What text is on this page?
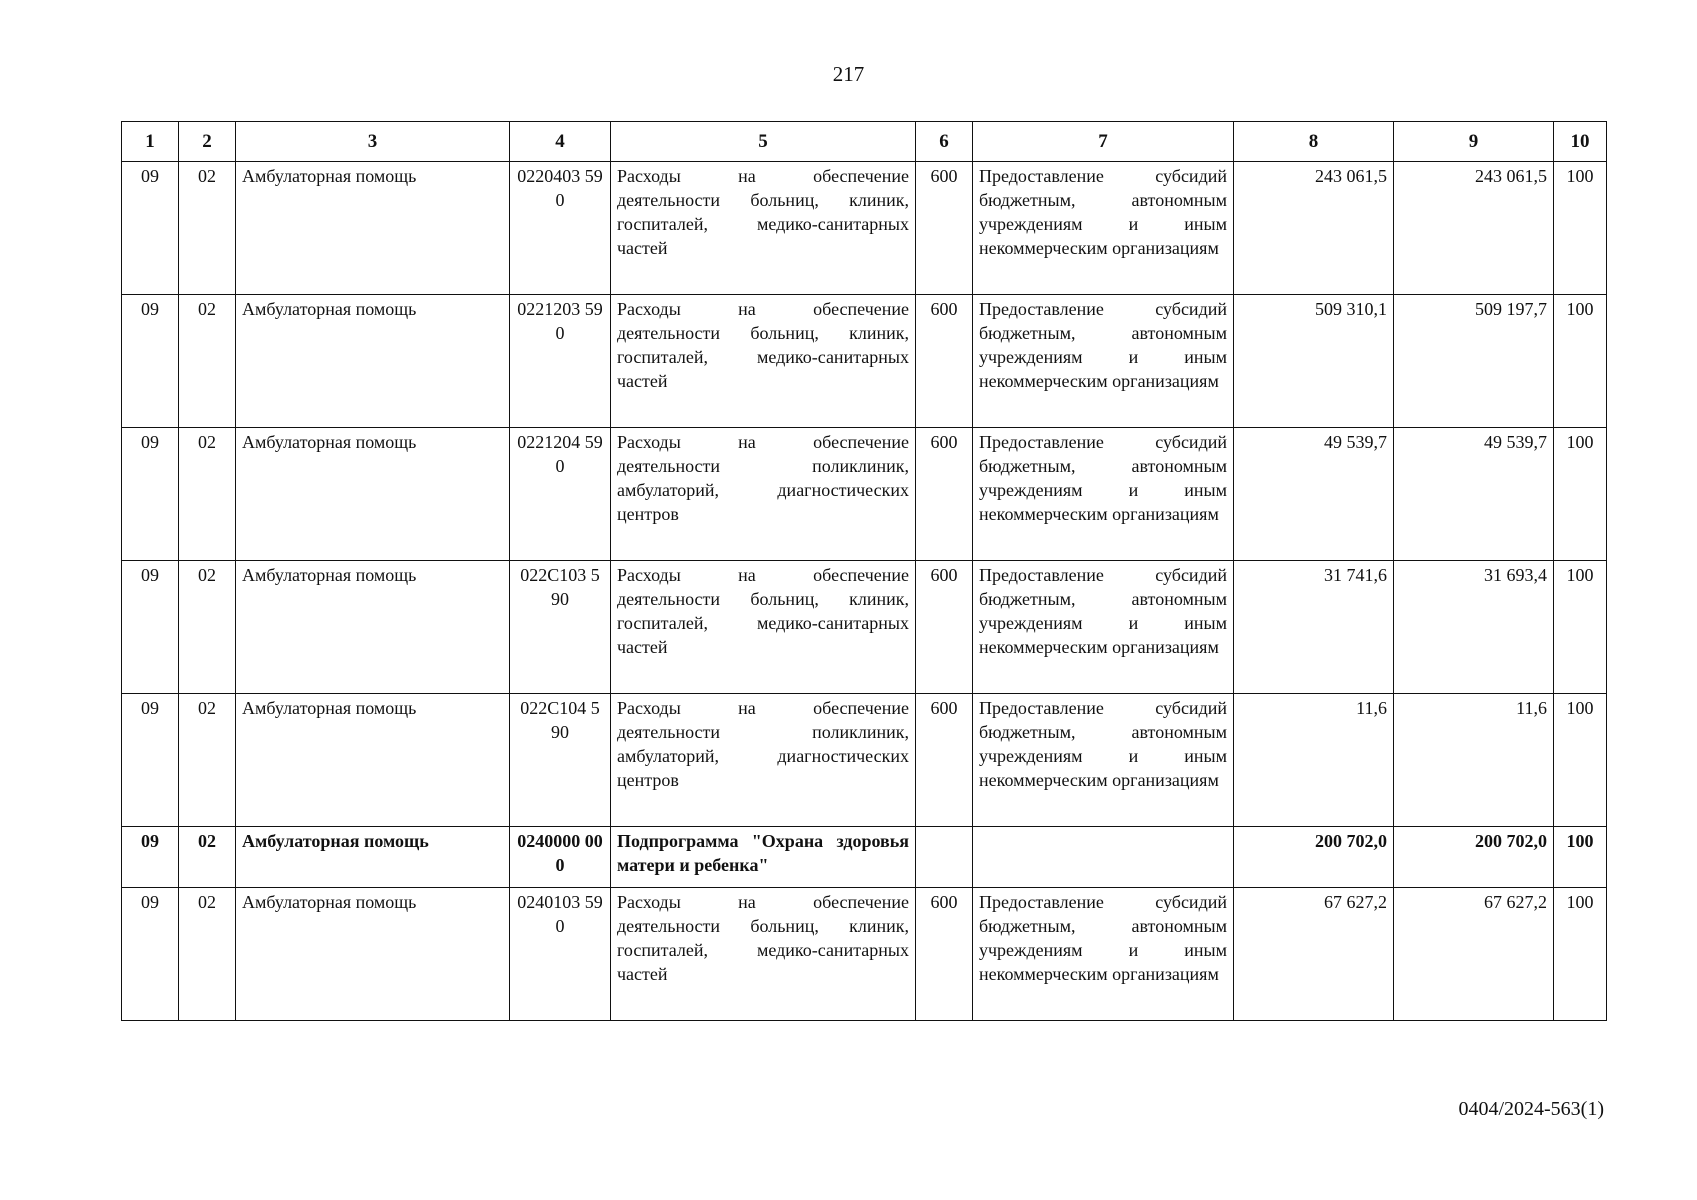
217
1	2	3	4	5	6	7	8	9	10
09	02	Амбулаторная помощь	0220403 590	Расходы на обеспечение деятельности больниц, клиник, госпиталей, медико-санитарных частей	600	Предоставление субсидий бюджетным, автономным учреждениям и иным некоммерческим организациям	243 061,5	243 061,5	100
09	02	Амбулаторная помощь	0221203 590	Расходы на обеспечение деятельности больниц, клиник, госпиталей, медико-санитарных частей	600	Предоставление субсидий бюджетным, автономным учреждениям и иным некоммерческим организациям	509 310,1	509 197,7	100
09	02	Амбулаторная помощь	0221204 590	Расходы на обеспечение деятельности поликлиник, амбулаторий, диагностических центров	600	Предоставление субсидий бюджетным, автономным учреждениям и иным некоммерческим организациям	49 539,7	49 539,7	100
09	02	Амбулаторная помощь	022С103 590	Расходы на обеспечение деятельности больниц, клиник, госпиталей, медико-санитарных частей	600	Предоставление субсидий бюджетным, автономным учреждениям и иным некоммерческим организациям	31 741,6	31 693,4	100
09	02	Амбулаторная помощь	022С104 590	Расходы на обеспечение деятельности поликлиник, амбулаторий, диагностических центров	600	Предоставление субсидий бюджетным, автономным учреждениям и иным некоммерческим организациям	11,6	11,6	100
09	02	Амбулаторная помощь	0240000 000	Подпрограмма "Охрана здоровья матери и ребенка"			200 702,0	200 702,0	100
09	02	Амбулаторная помощь	0240103 590	Расходы на обеспечение деятельности больниц, клиник, госпиталей, медико-санитарных частей	600	Предоставление субсидий бюджетным, автономным учреждениям и иным некоммерческим организациям	67 627,2	67 627,2	100
0404/2024-563(1)
